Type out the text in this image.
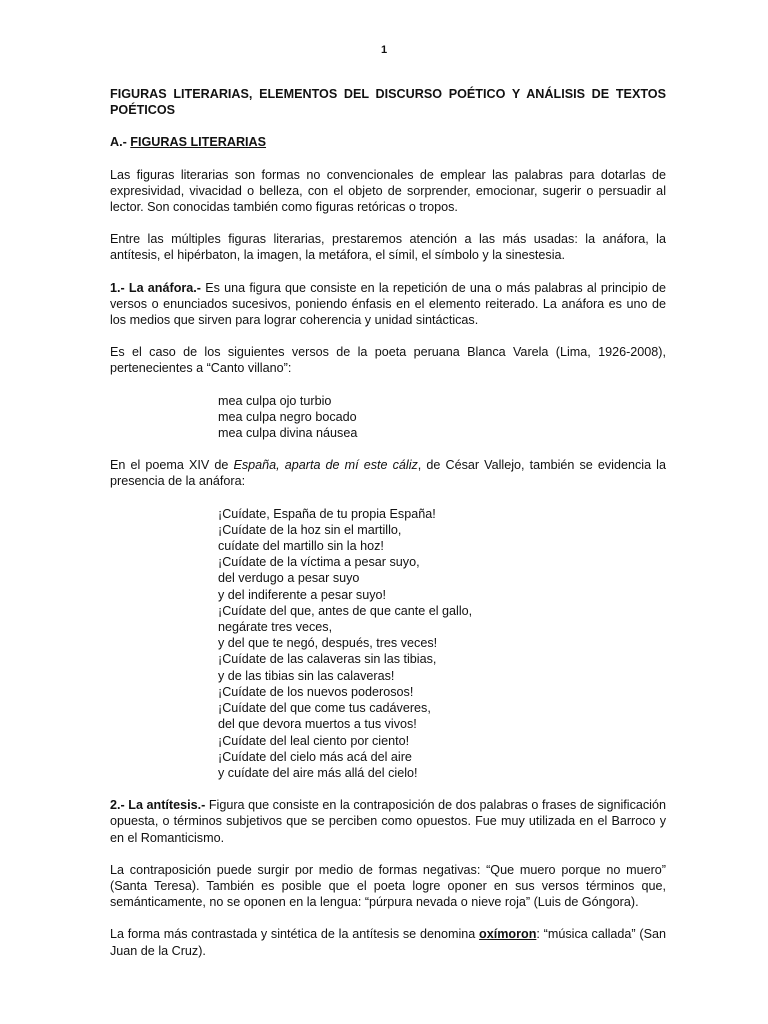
1

FIGURAS LITERARIAS, ELEMENTOS DEL DISCURSO POÉTICO Y ANÁLISIS DE TEXTOS POÉTICOS

A.- FIGURAS LITERARIAS

Las figuras literarias son formas no convencionales de emplear las palabras para dotarlas de expresividad, vivacidad o belleza, con el objeto de sorprender, emocionar, sugerir o persuadir al lector. Son conocidas también como figuras retóricas o tropos.

Entre las múltiples figuras literarias, prestaremos atención a las más usadas: la anáfora, la antítesis, el hipérbaton, la imagen, la metáfora, el símil, el símbolo y la sinestesia.

1.- La anáfora.- Es una figura que consiste en la repetición de una o más palabras al principio de versos o enunciados sucesivos, poniendo énfasis en el elemento reiterado. La anáfora es uno de los medios que sirven para lograr coherencia y unidad sintácticas.

Es el caso de los siguientes versos de la poeta peruana Blanca Varela (Lima, 1926-2008), pertenecientes a “Canto villano”:

mea culpa ojo turbio
mea culpa negro bocado
mea culpa divina náusea

En el poema XIV de España, aparta de mí este cáliz, de César Vallejo, también se evidencia la presencia de la anáfora:

¡Cuídate, España de tu propia España!
¡Cuídate de la hoz sin el martillo,
cuídate del martillo sin la hoz!
¡Cuídate de la víctima a pesar suyo,
del verdugo a pesar suyo
y del indiferente a pesar suyo!
¡Cuídate del que, antes de que cante el gallo,
negárate tres veces,
y del que te negó, después, tres veces!
¡Cuídate de las calaveras sin las tibias,
y de las tibias sin las calaveras!
¡Cuídate de los nuevos poderosos!
¡Cuídate del que come tus cadáveres,
del que devora muertos a tus vivos!
¡Cuídate del leal ciento por ciento!
¡Cuídate del cielo más acá del aire
y cuídate del aire más allá del cielo!

2.- La antítesis.- Figura que consiste en la contraposición de dos palabras o frases de significación opuesta, o términos subjetivos que se perciben como opuestos. Fue muy utilizada en el Barroco y en el Romanticismo.

La contraposición puede surgir por medio de formas negativas: “Que muero porque no muero” (Santa Teresa). También es posible que el poeta logre oponer en sus versos términos que, semánticamente, no se oponen en la lengua: “púrpura nevada o nieve roja” (Luis de Góngora).

La forma más contrastada y sintética de la antítesis se denomina oxímoron: “música callada” (San Juan de la Cruz).
